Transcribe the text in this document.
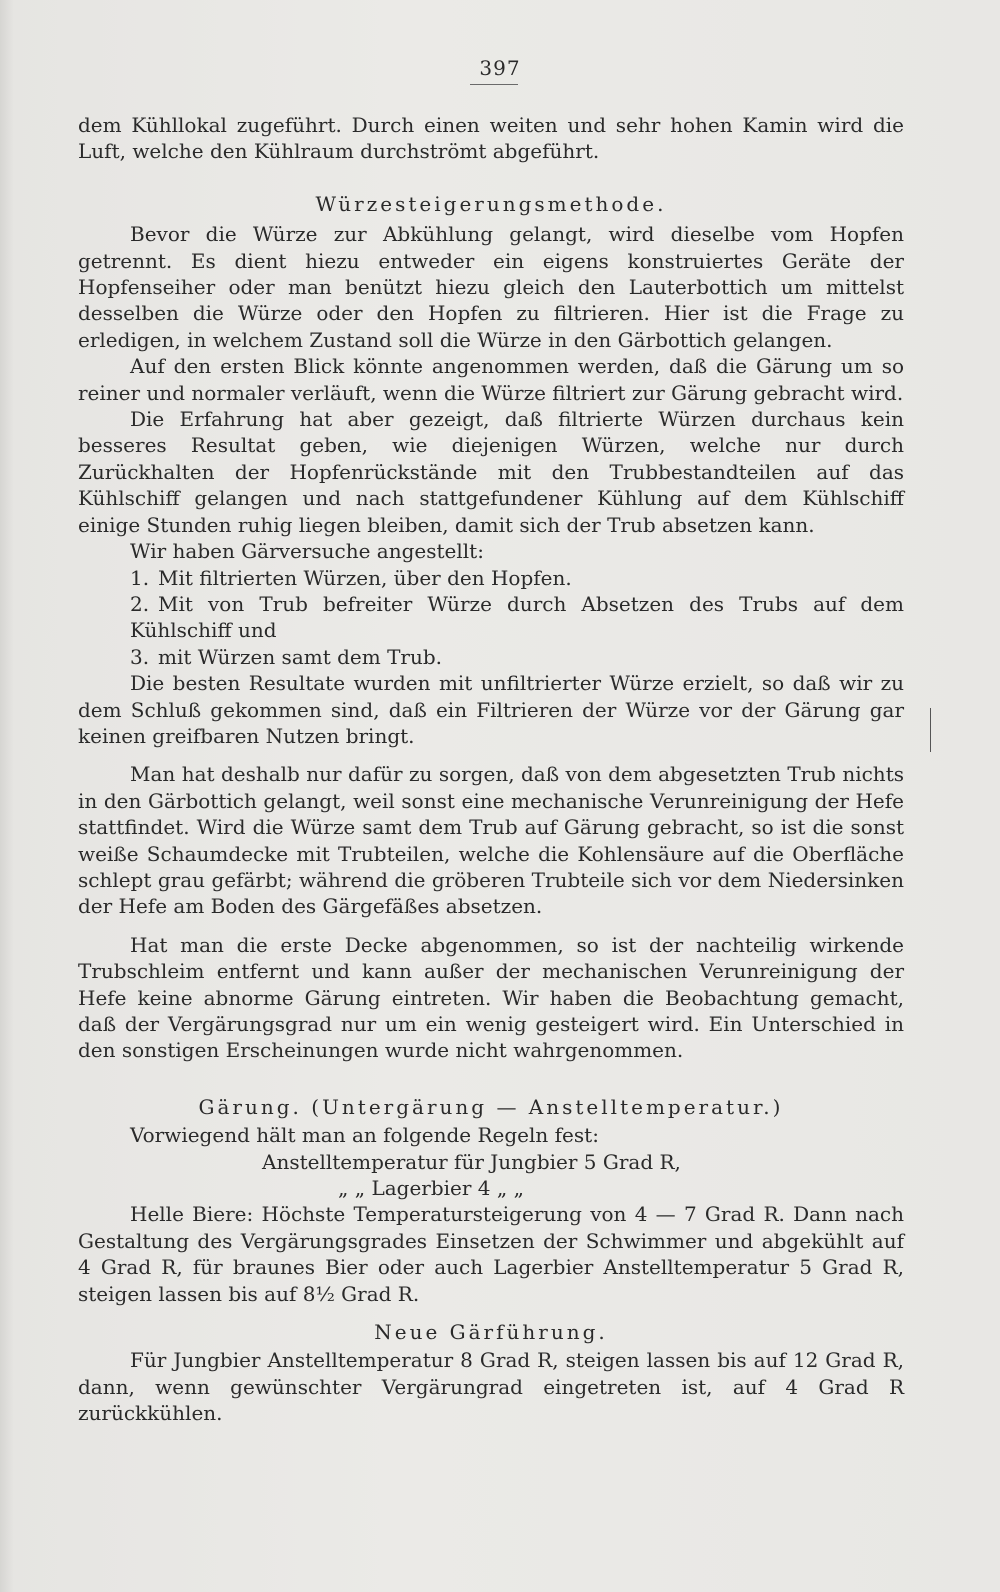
397

dem Kühllokal zugeführt. Durch einen weiten und sehr hohen Kamin wird die Luft, welche den Kühlraum durchströmt abgeführt.

Würzesteigerungsmethode.

Bevor die Würze zur Abkühlung gelangt, wird dieselbe vom Hopfen getrennt. Es dient hiezu entweder ein eigens konstruiertes Geräte der Hopfenseiher oder man benützt hiezu gleich den Lauterbottich um mittelst desselben die Würze oder den Hopfen zu filtrieren. Hier ist die Frage zu erledigen, in welchem Zustand soll die Würze in den Gärbottich gelangen.

Auf den ersten Blick könnte angenommen werden, daß die Gärung um so reiner und normaler verläuft, wenn die Würze filtriert zur Gärung gebracht wird.

Die Erfahrung hat aber gezeigt, daß filtrierte Würzen durchaus kein besseres Resultat geben, wie diejenigen Würzen, welche nur durch Zurückhalten der Hopfenrückstände mit den Trubbestandteilen auf das Kühlschiff gelangen und nach stattgefundener Kühlung auf dem Kühlschiff einige Stunden ruhig liegen bleiben, damit sich der Trub absetzen kann.

Wir haben Gärversuche angestellt:

1. Mit filtrierten Würzen, über den Hopfen.

2. Mit von Trub befreiter Würze durch Absetzen des Trubs auf dem Kühlschiff und

3. mit Würzen samt dem Trub.

Die besten Resultate wurden mit unfiltrierter Würze erzielt, so daß wir zu dem Schluß gekommen sind, daß ein Filtrieren der Würze vor der Gärung gar keinen greifbaren Nutzen bringt.

Man hat deshalb nur dafür zu sorgen, daß von dem abgesetzten Trub nichts in den Gärbottich gelangt, weil sonst eine mechanische Verunreinigung der Hefe stattfindet. Wird die Würze samt dem Trub auf Gärung gebracht, so ist die sonst weiße Schaumdecke mit Trubteilen, welche die Kohlensäure auf die Oberfläche schlept grau gefärbt; während die gröberen Trubteile sich vor dem Niedersinken der Hefe am Boden des Gärgefäßes absetzen.

Hat man die erste Decke abgenommen, so ist der nachteilig wirkende Trubschleim entfernt und kann außer der mechanischen Verunreinigung der Hefe keine abnorme Gärung eintreten. Wir haben die Beobachtung gemacht, daß der Vergärungsgrad nur um ein wenig gesteigert wird. Ein Unterschied in den sonstigen Erscheinungen wurde nicht wahrgenommen.

Gärung. (Untergärung — Anstelltemperatur.)

Vorwiegend hält man an folgende Regeln fest:

Anstelltemperatur für Jungbier 5 Grad R,

„ „ Lagerbier 4 „ „

Helle Biere: Höchste Temperatursteigerung von 4 — 7 Grad R. Dann nach Gestaltung des Vergärungsgrades Einsetzen der Schwimmer und abgekühlt auf 4 Grad R, für braunes Bier oder auch Lagerbier Anstelltemperatur 5 Grad R, steigen lassen bis auf 8½ Grad R.

Neue Gärführung.

Für Jungbier Anstelltemperatur 8 Grad R, steigen lassen bis auf 12 Grad R, dann, wenn gewünschter Vergärungrad eingetreten ist, auf 4 Grad R zurückkühlen.
